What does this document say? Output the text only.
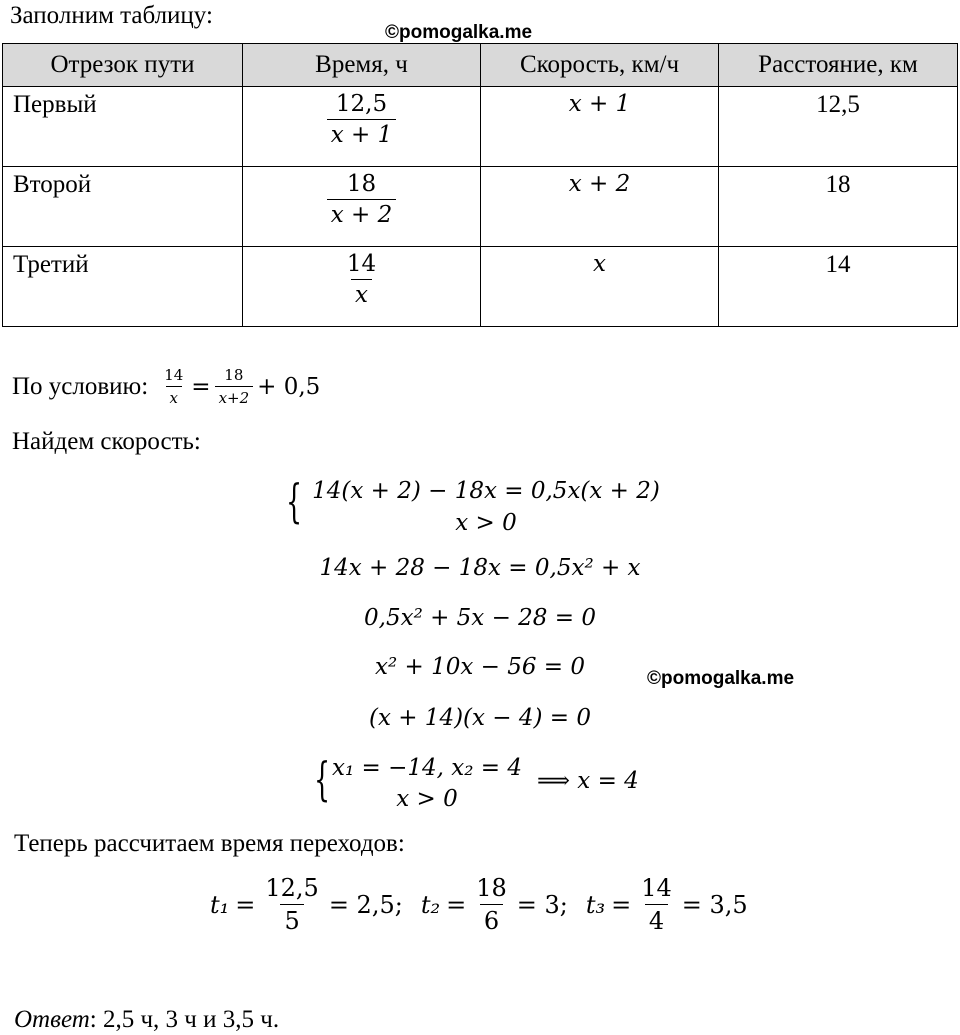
Заполним таблицу:
©pomogalka.me
Отрезок пути	Время, ч	Скорость, км/ч	Расстояние, км
Первый	$\frac{12,5}{x + 1}$	x + 1	12,5

Второй	$\frac{18}{x + 2}$	x + 2	18

Третий	$\frac{14}{x}$	x	14
По условию: $\frac{14}{x} = \frac{18}{x+2} + 0,5$
Найдем скорость:
{ 14(x + 2) − 18x = 0,5x(x + 2)
x > 0
14x + 28 − 18x = 0,5x² + x
0,5x² + 5x − 28 = 0
x² + 10x − 56 = 0	©pomogalka.me
(x + 14)(x − 4) = 0
{ x₁ = −14, x₂ = 4
x > 0
⟹ x = 4
Теперь рассчитаем время переходов:
$t_1 = \frac{12,5}{5} = 2,5$; $t_2 = \frac{18}{6} = 3$; $t_3 = \frac{14}{4} = 3,5$
Ответ: 2,5 ч, 3 ч и 3,5 ч.
